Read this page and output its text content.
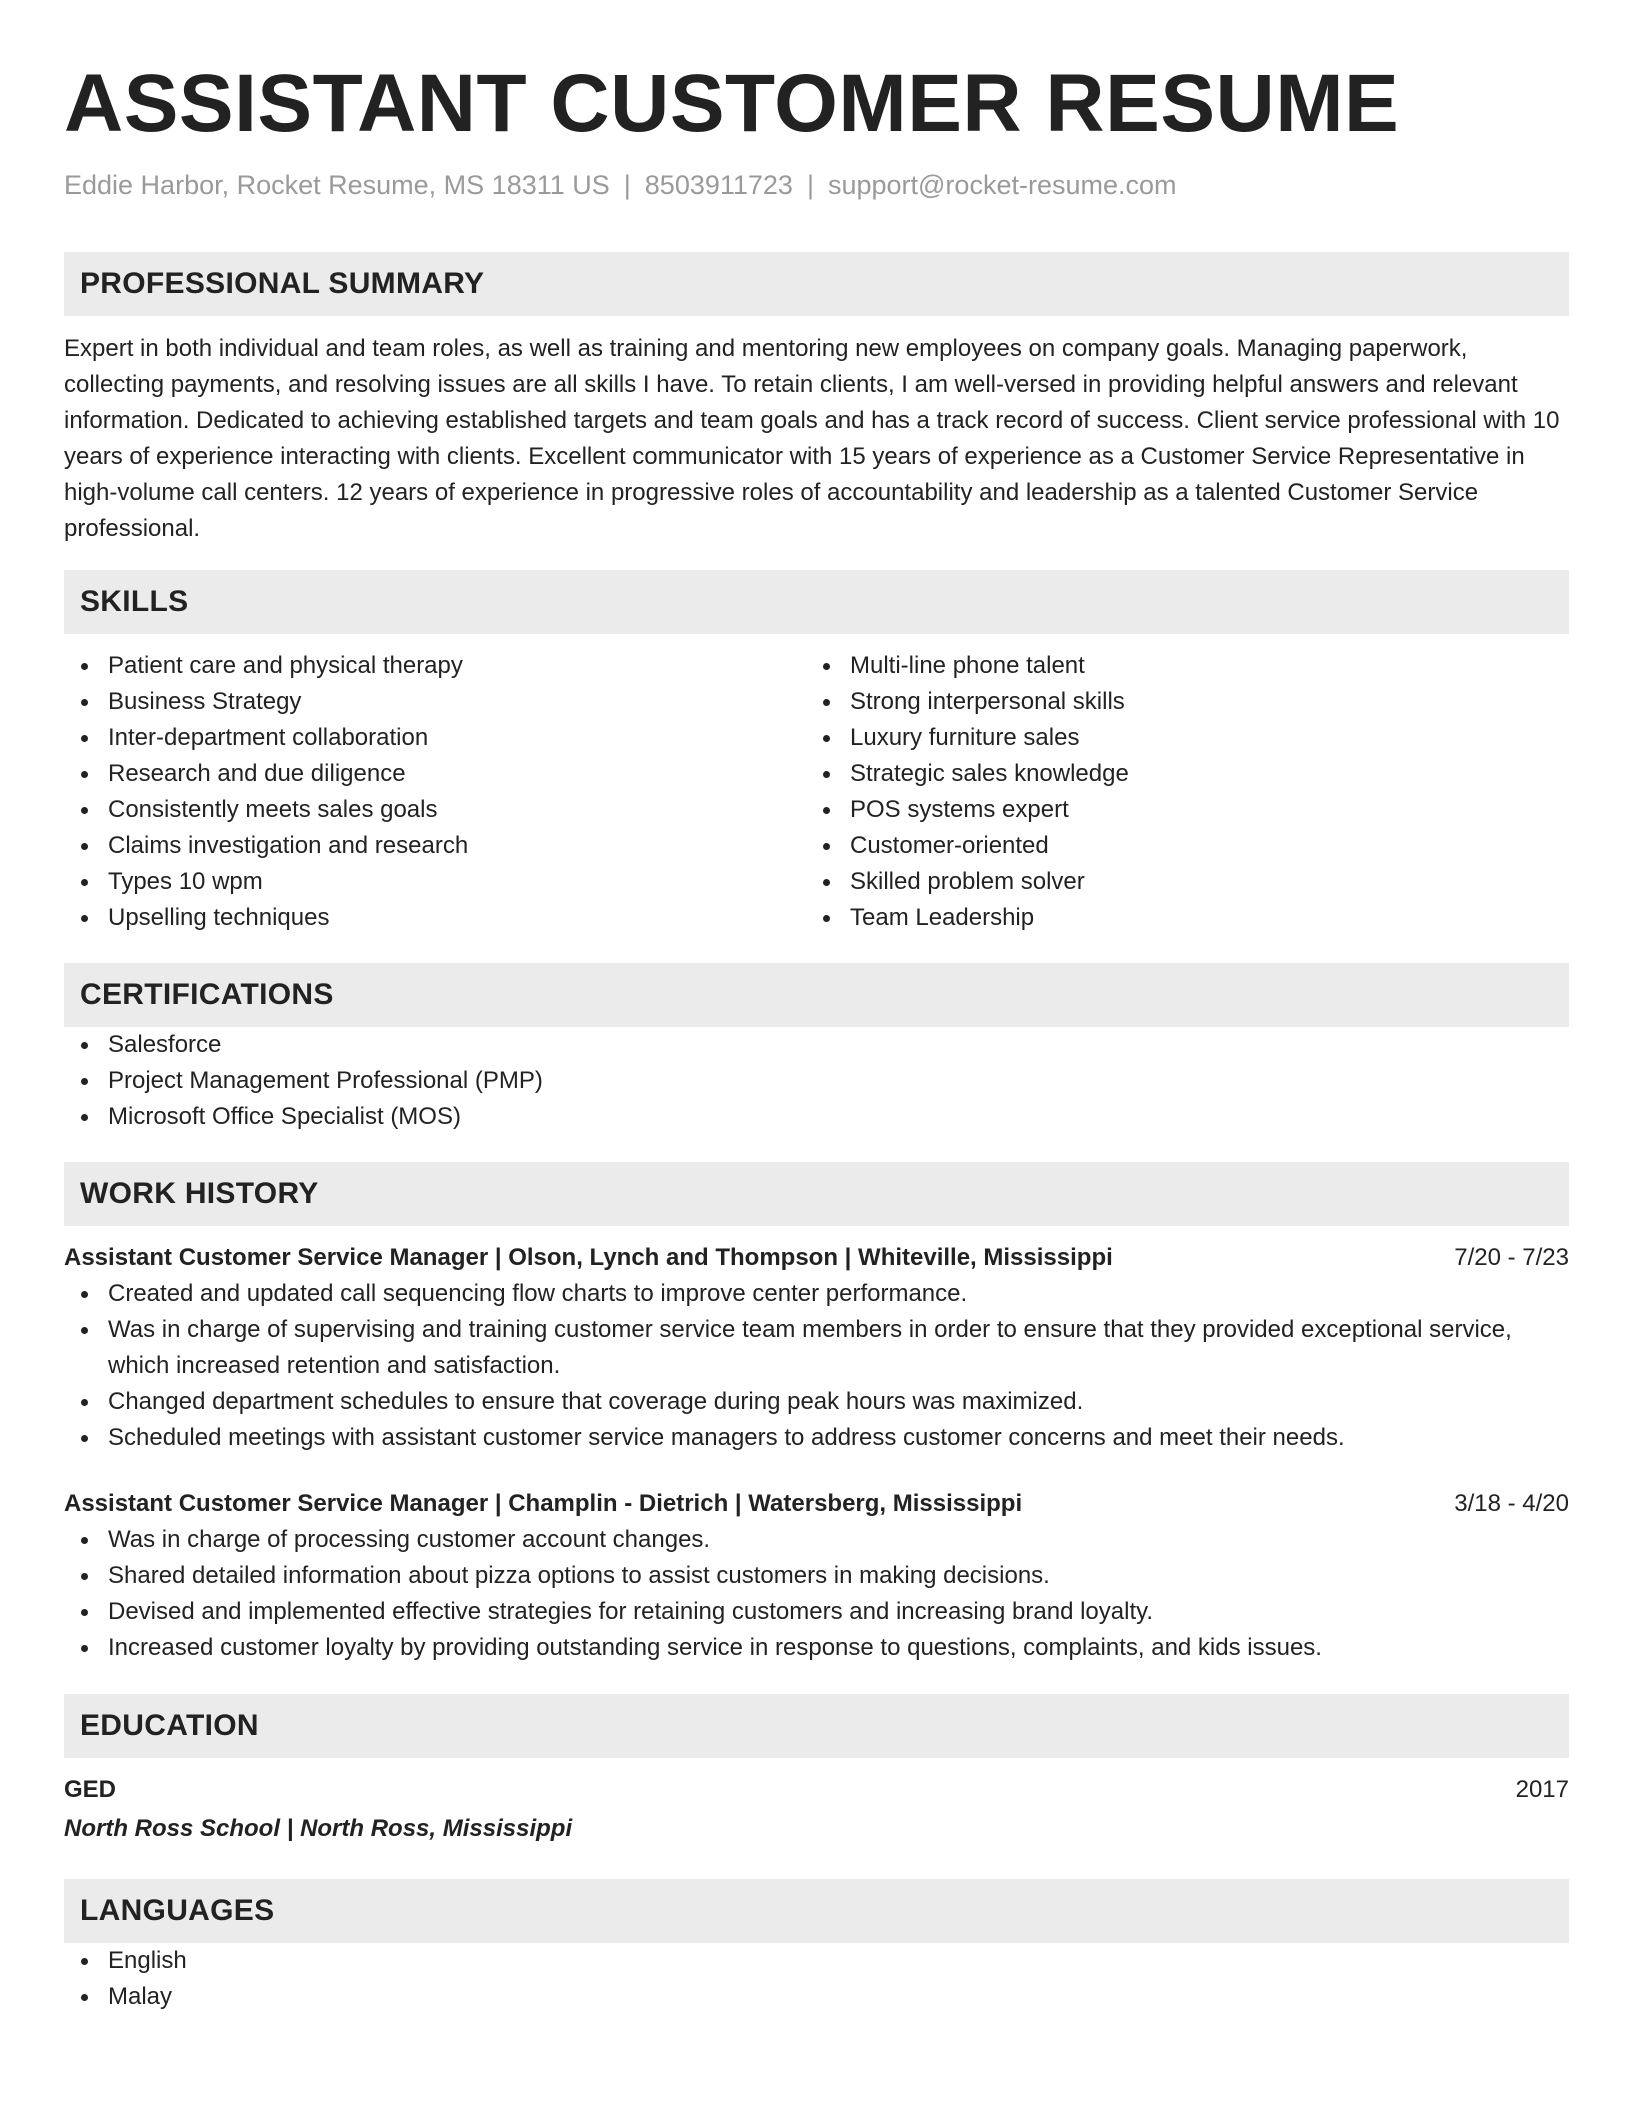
ASSISTANT CUSTOMER RESUME
Eddie Harbor, Rocket Resume, MS 18311 US | 8503911723 | support@rocket-resume.com
PROFESSIONAL SUMMARY

Expert in both individual and team roles, as well as training and mentoring new employees on company goals. Managing paperwork, collecting payments, and resolving issues are all skills I have. To retain clients, I am well-versed in providing helpful answers and relevant information. Dedicated to achieving established targets and team goals and has a track record of success. Client service professional with 10 years of experience interacting with clients. Excellent communicator with 15 years of experience as a Customer Service Representative in high-volume call centers. 12 years of experience in progressive roles of accountability and leadership as a talented Customer Service professional.

SKILLS
Patient care and physical therapy
Business Strategy
Inter-department collaboration
Research and due diligence
Consistently meets sales goals
Claims investigation and research
Types 10 wpm
Upselling techniques
Multi-line phone talent
Strong interpersonal skills
Luxury furniture sales
Strategic sales knowledge
POS systems expert
Customer-oriented
Skilled problem solver
Team Leadership
CERTIFICATIONS
Salesforce
Project Management Professional (PMP)
Microsoft Office Specialist (MOS)
WORK HISTORY
Assistant Customer Service Manager | Olson, Lynch and Thompson | Whiteville, Mississippi	7/20 - 7/23
Created and updated call sequencing flow charts to improve center performance.
Was in charge of supervising and training customer service team members in order to ensure that they provided exceptional service, which increased retention and satisfaction.
Changed department schedules to ensure that coverage during peak hours was maximized.
Scheduled meetings with assistant customer service managers to address customer concerns and meet their needs.
Assistant Customer Service Manager | Champlin - Dietrich | Watersberg, Mississippi	3/18 - 4/20
Was in charge of processing customer account changes.
Shared detailed information about pizza options to assist customers in making decisions.
Devised and implemented effective strategies for retaining customers and increasing brand loyalty.
Increased customer loyalty by providing outstanding service in response to questions, complaints, and kids issues.
EDUCATION
GED	2017
North Ross School | North Ross, Mississippi
LANGUAGES
English
Malay
